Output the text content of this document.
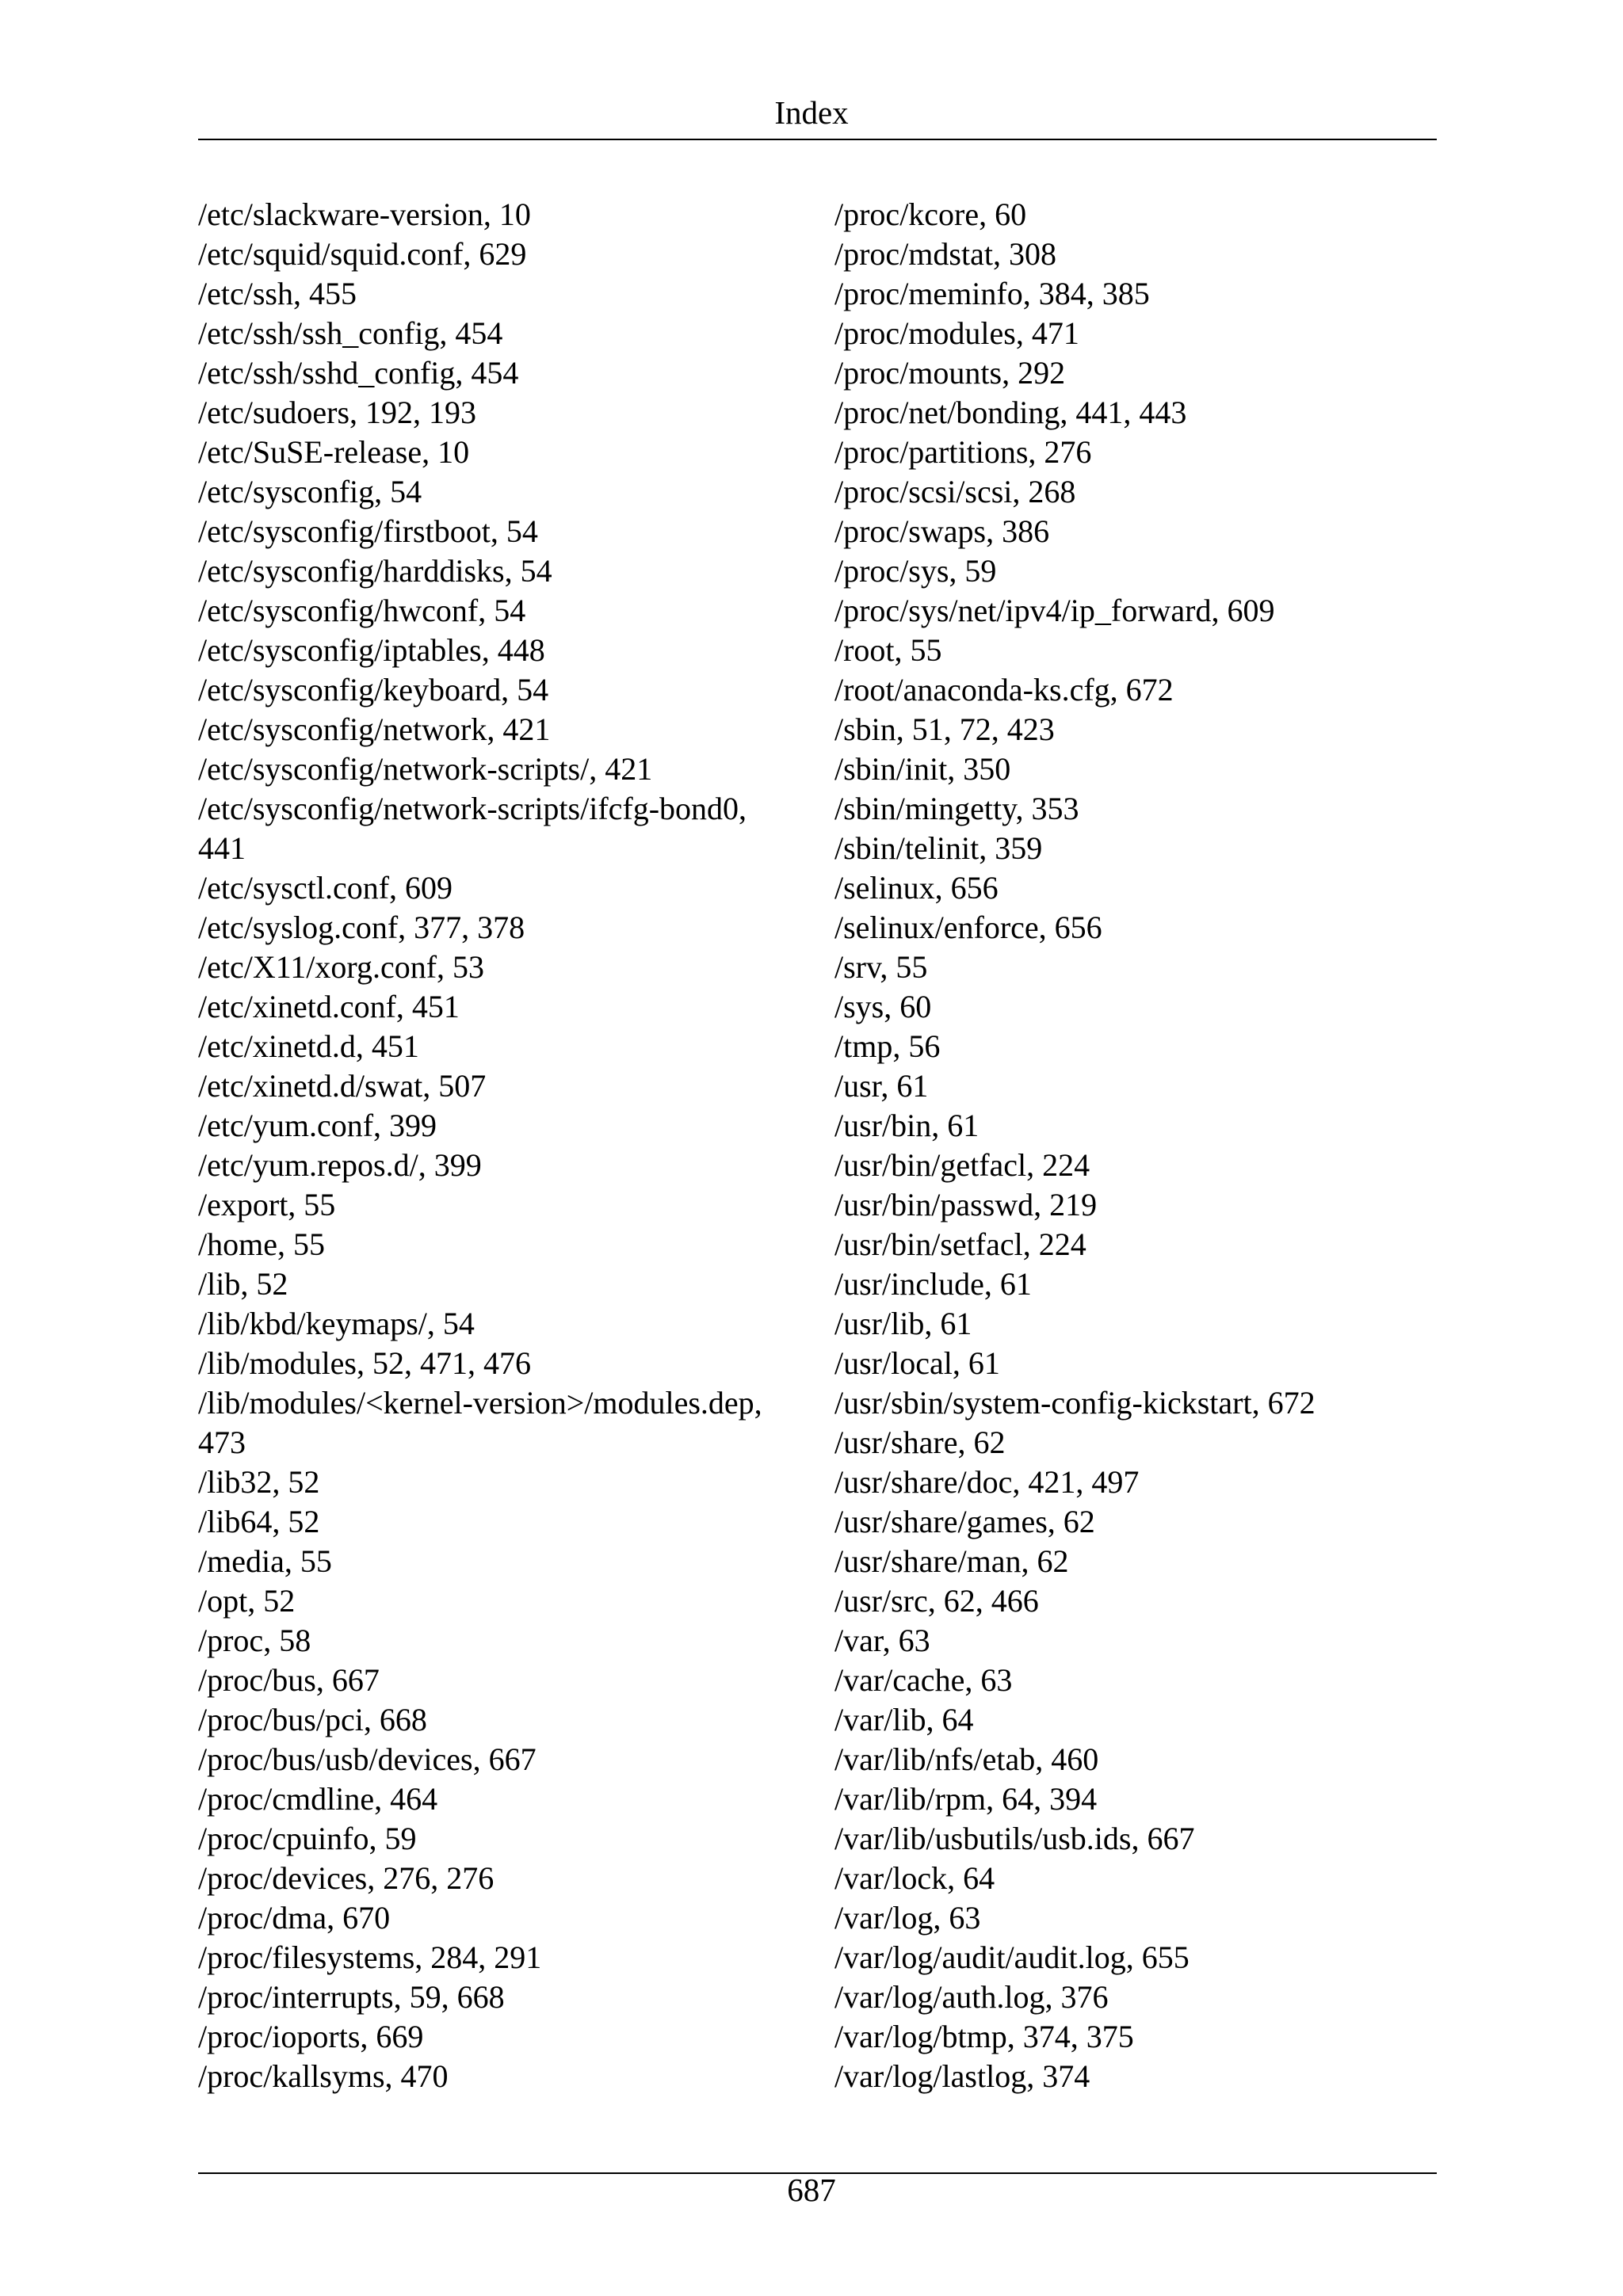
Index
/etc/slackware-version, 10
/etc/squid/squid.conf, 629
/etc/ssh, 455
/etc/ssh/ssh_config, 454
/etc/ssh/sshd_config, 454
/etc/sudoers, 192, 193
/etc/SuSE-release, 10
/etc/sysconfig, 54
/etc/sysconfig/firstboot, 54
/etc/sysconfig/harddisks, 54
/etc/sysconfig/hwconf, 54
/etc/sysconfig/iptables, 448
/etc/sysconfig/keyboard, 54
/etc/sysconfig/network, 421
/etc/sysconfig/network-scripts/, 421
/etc/sysconfig/network-scripts/ifcfg-bond0,
441
/etc/sysctl.conf, 609
/etc/syslog.conf, 377, 378
/etc/X11/xorg.conf, 53
/etc/xinetd.conf, 451
/etc/xinetd.d, 451
/etc/xinetd.d/swat, 507
/etc/yum.conf, 399
/etc/yum.repos.d/, 399
/export, 55
/home, 55
/lib, 52
/lib/kbd/keymaps/, 54
/lib/modules, 52, 471, 476
/lib/modules/<kernel-version>/modules.dep,
473
/lib32, 52
/lib64, 52
/media, 55
/opt, 52
/proc, 58
/proc/bus, 667
/proc/bus/pci, 668
/proc/bus/usb/devices, 667
/proc/cmdline, 464
/proc/cpuinfo, 59
/proc/devices, 276, 276
/proc/dma, 670
/proc/filesystems, 284, 291
/proc/interrupts, 59, 668
/proc/ioports, 669
/proc/kallsyms, 470
/proc/kcore, 60
/proc/mdstat, 308
/proc/meminfo, 384, 385
/proc/modules, 471
/proc/mounts, 292
/proc/net/bonding, 441, 443
/proc/partitions, 276
/proc/scsi/scsi, 268
/proc/swaps, 386
/proc/sys, 59
/proc/sys/net/ipv4/ip_forward, 609
/root, 55
/root/anaconda-ks.cfg, 672
/sbin, 51, 72, 423
/sbin/init, 350
/sbin/mingetty, 353
/sbin/telinit, 359
/selinux, 656
/selinux/enforce, 656
/srv, 55
/sys, 60
/tmp, 56
/usr, 61
/usr/bin, 61
/usr/bin/getfacl, 224
/usr/bin/passwd, 219
/usr/bin/setfacl, 224
/usr/include, 61
/usr/lib, 61
/usr/local, 61
/usr/sbin/system-config-kickstart, 672
/usr/share, 62
/usr/share/doc, 421, 497
/usr/share/games, 62
/usr/share/man, 62
/usr/src, 62, 466
/var, 63
/var/cache, 63
/var/lib, 64
/var/lib/nfs/etab, 460
/var/lib/rpm, 64, 394
/var/lib/usbutils/usb.ids, 667
/var/lock, 64
/var/log, 63
/var/log/audit/audit.log, 655
/var/log/auth.log, 376
/var/log/btmp, 374, 375
/var/log/lastlog, 374
687
